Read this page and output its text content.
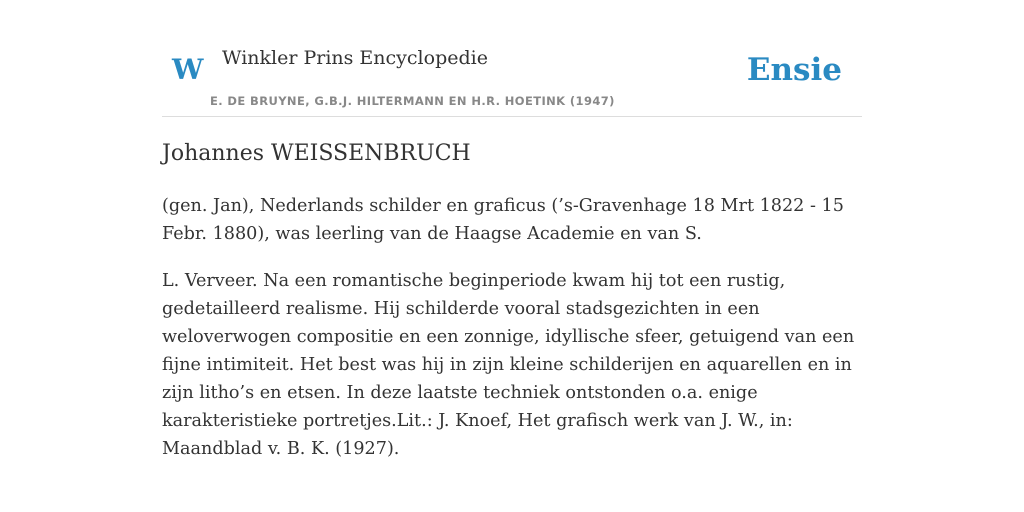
W Winkler Prins Encyclopedie
E. DE BRUYNE, G.B.J. HILTERMANN EN H.R. HOETINK (1947)
Ensie
Johannes WEISSENBRUCH

(gen. Jan), Nederlands schilder en graficus (’s-Gravenhage 18 Mrt 1822 - 15 Febr. 1880), was leerling van de Haagse Academie en van S.

L. Verveer. Na een romantische beginperiode kwam hij tot een rustig, gedetailleerd realisme. Hij schilderde vooral stadsgezichten in een weloverwogen compositie en een zonnige, idyllische sfeer, getuigend van een fijne intimiteit. Het best was hij in zijn kleine schilderijen en aquarellen en in zijn litho’s en etsen. In deze laatste techniek ontstonden o.a. enige karakteristieke portretjes.Lit.: J. Knoef, Het grafisch werk van J. W., in: Maandblad v. B. K. (1927).
